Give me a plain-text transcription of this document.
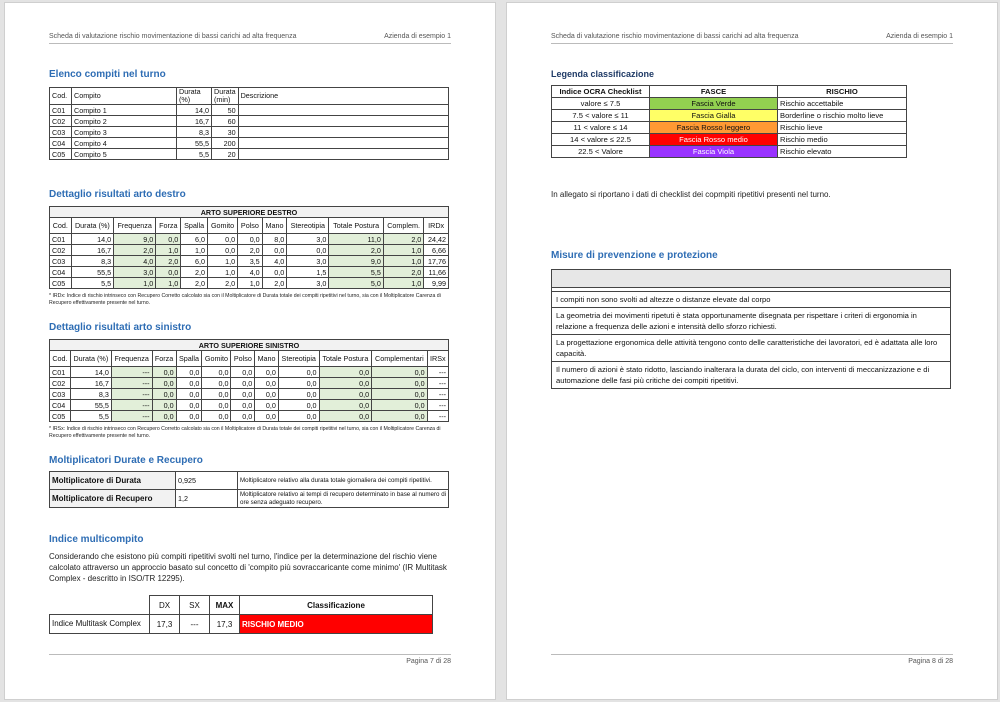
Scheda di valutazione rischio movimentazione di bassi carichi ad alta frequenza	Azienda di esempio 1
Elenco compiti nel turno
Cod.	Compito	Durata (%)	Durata (min)	Descrizione
C01	Compito 1	14,0	50	
C02	Compito 2	16,7	60	
C03	Compito 3	8,3	30	
C04	Compito 4	55,5	200	
C05	Compito 5	5,5	20	
Dettaglio risultati arto destro
ARTO SUPERIORE DESTRO											
Cod.	Durata (%)	Frequenza	Forza	Spalla	Gomito	Polso	Mano	Stereotipia	Totale Postura	Complem.	IRDx
C01	14,0	9,0	0,0	6,0	0,0	0,0	8,0	3,0	11,0	2,0	24,42
C02	16,7	2,0	1,0	1,0	0,0	2,0	0,0	0,0	2,0	1,0	6,66
C03	8,3	4,0	2,0	6,0	1,0	3,5	4,0	3,0	9,0	1,0	17,76
C04	55,5	3,0	0,0	2,0	1,0	4,0	0,0	1,5	5,5	2,0	11,66
C05	5,5	1,0	1,0	2,0	2,0	1,0	2,0	3,0	5,0	1,0	9,99
* IRDx: Indice di rischio intrinseco con Recupero Corretto calcolato sia con il Moltiplicatore di Durata totale dei compiti ripetitivi nel turno, sia con il Moltiplicatore Carenza di Recupero effettivamente presente nel turno.
Dettaglio risultati arto sinistro
ARTO SUPERIORE SINISTRO											
Cod.	Durata (%)	Frequenza	Forza	Spalla	Gomito	Polso	Mano	Stereotipia	Totale Postura	Complementari	IRSx
C01	14,0	---	0,0	0,0	0,0	0,0	0,0	0,0	0,0	0,0	---
C02	16,7	---	0,0	0,0	0,0	0,0	0,0	0,0	0,0	0,0	---
C03	8,3	---	0,0	0,0	0,0	0,0	0,0	0,0	0,0	0,0	---
C04	55,5	---	0,0	0,0	0,0	0,0	0,0	0,0	0,0	0,0	---
C05	5,5	---	0,0	0,0	0,0	0,0	0,0	0,0	0,0	0,0	---
* IRSx: Indice di rischio intrinseco con Recupero Corretto calcolato sia con il Moltiplicatore di Durata totale dei compiti ripetitivi nel turno, sia con il Moltiplicatore Carenza di Recupero effettivamente presente nel turno.
Moltiplicatori Durate e Recupero
Moltiplicatore di Durata	0,925	Moltiplicatore relativo alla durata totale giornaliera dei compiti ripetitivi.
Moltiplicatore di Recupero	1,2	Moltiplicatore relativo ai tempi di recupero determinato in base al numero di ore senza adeguato recupero.
Indice multicompito
Considerando che esistono più compiti ripetitivi svolti nel turno, l'indice per la determinazione del rischio viene calcolato attraverso un approccio basato sul concetto di 'compito più sovraccaricante come minimo' (IR Multitask Complex - descritto in ISO/TR 12295).
	DX	SX	MAX	Classificazione
Indice Multitask Complex	17,3	---	17,3	RISCHIO MEDIO
Pagina 7 di 28
Scheda di valutazione rischio movimentazione di bassi carichi ad alta frequenza	Azienda di esempio 1
Legenda classificazione
Indice OCRA Checklist	FASCE	RISCHIO
valore ≤ 7.5	Fascia Verde	Rischio accettabile
7.5 < valore ≤ 11	Fascia Gialla	Borderline o rischio molto lieve
11 < valore ≤ 14	Fascia Rosso leggero	Rischio lieve
14 < valore ≤ 22.5	Fascia Rosso medio	Rischio medio
22.5 < Valore	Fascia Viola	Rischio elevato
In allegato si riportano i dati di checklist dei copmpiti ripetitivi presenti nel turno.
Misure di prevenzione e protezione

I compiti non sono svolti ad altezze o distanze elevate dal corpo
La geometria dei movimenti ripetuti è stata opportunamente disegnata per rispettare i criteri di ergonomia in relazione a frequenza delle azioni e intensità dello sforzo richiesti.
La progettazione ergonomica delle attività tengono conto delle caratteristiche dei lavoratori, ed è adattata alle loro capacità.
Il numero di azioni è stato ridotto, lasciando inalterara la durata del ciclo, con interventi di meccanizzazione e di automazione delle fasi più critiche dei compiti ripetitivi.
Pagina 8 di 28
